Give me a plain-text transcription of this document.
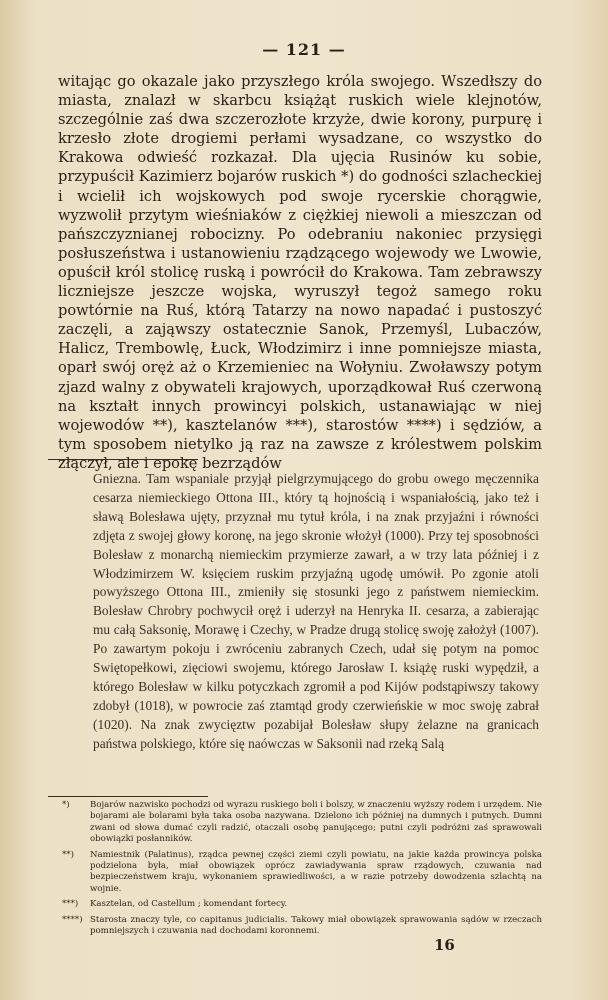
— 121 —
witając go okazale jako przyszłego króla swojego. Wszedłszy do miasta, znalazł w skarbcu książąt ruskich wiele klejnotów, szczególnie zaś dwa szczerozłote krzyże, dwie korony, purpurę i krzesło złote drogiemi perłami wysadzane, co wszystko do Krakowa odwieść rozkazał. Dla ujęcia Rusinów ku sobie, przypuścił Kazimierz bojarów ruskich *) do godności szlacheckiej i wcielił ich wojskowych pod swoje rycerskie chorągwie, wyzwolił przytym wieśniaków z ciężkiej niewoli a mieszczan od pańszczyznianej robocizny. Po odebraniu nakoniec przysięgi posłuszeństwa i ustanowieniu rządzącego wojewody we Lwowie, opuścił król stolicę ruską i powrócił do Krakowa. Tam zebrawszy liczniejsze jeszcze wojska, wyruszył tegoż samego roku powtórnie na Ruś, którą Tatarzy na nowo napadać i pustoszyć zaczęli, a zająwszy ostatecznie Sanok, Przemyśl, Lubaczów, Halicz, Trembowlę, Łuck, Włodzimirz i inne pomniejsze miasta, oparł swój oręż aż o Krzemieniec na Wołyniu. Zwoławszy potym zjazd walny z obywateli krajowych, uporządkował Ruś czerwoną na kształt innych prowincyi polskich, ustanawiając w niej wojewodów **), kasztelanów ***), starostów ****) i sędziów, a tym sposobem nietylko ją raz na zawsze z królestwem polskim złączył, ale i epokę bezrządów
Gniezna. Tam wspaniale przyjął pielgrzymującego do grobu owego męczennika cesarza niemieckiego Ottona III., który tą hojnością i wspaniałością, jako też i sławą Bolesława ujęty, przyznał mu tytuł króla, i na znak przyjaźni i równości zdjęta z swojej głowy koronę, na jego skronie włożył (1000). Przy tej sposobności Bolesław z monarchą niemieckim przymierze zawarł, a w trzy lata później i z Włodzimirzem W. księciem ruskim przyjaźną ugodę umówił. Po zgonie atoli powyższego Ottona III., zmieniły się stosunki jego z państwem niemieckim. Bolesław Chrobry pochwycił oręż i uderzył na Henryka II. cesarza, a zabierając mu całą Saksonię, Morawę i Czechy, w Pradze drugą stolicę swoję założył (1007). Po zawartym pokoju i zwróceniu zabranych Czech, udał się potym na pomoc Swiętopełkowi, zięciowi swojemu, którego Jarosław I. książę ruski wypędził, a którego Bolesław w kilku potyczkach zgromił a pod Kijów podstąpiwszy takowy zdobył (1018), w powrocie zaś ztamtąd grody czerwieńskie w moc swoję zabrał (1020). Na znak zwycięztw pozabijał Bolesław słupy żelazne na granicach państwa polskiego, które się naówczas w Saksonii nad rzeką Salą
*)	Bojarów nazwisko pochodzi od wyrazu ruskiego boli i bolszy, w znaczeniu wyższy rodem i urzędem. Nie bojarami ale bolarami była taka osoba nazywana. Dzielono ich później na dumnych i putnych. Dumni zwani od słowa dumać czyli radzić, otaczali osobę panującego; putni czyli podróżni zaś sprawowali obowiązki posłanników.
**)	Namiestnik (Palatinus), rządca pewnej części ziemi czyli powiatu, na jakie każda prowincya polska podzielona była, miał obowiązek oprócz zawiadywania spraw rządowych, czuwania nad bezpieczeństwem kraju, wykonaniem sprawiedliwości, a w razie potrzeby dowodzenia szlachtą na wojnie.
***)	Kasztelan, od Castellum ; komendant fortecy.
****) Starosta znaczy tyle, co capitanus judicialis. Takowy miał obowiązek sprawowania sądów w rzeczach pomniejszych i czuwania nad dochodami koronnemi.
16
